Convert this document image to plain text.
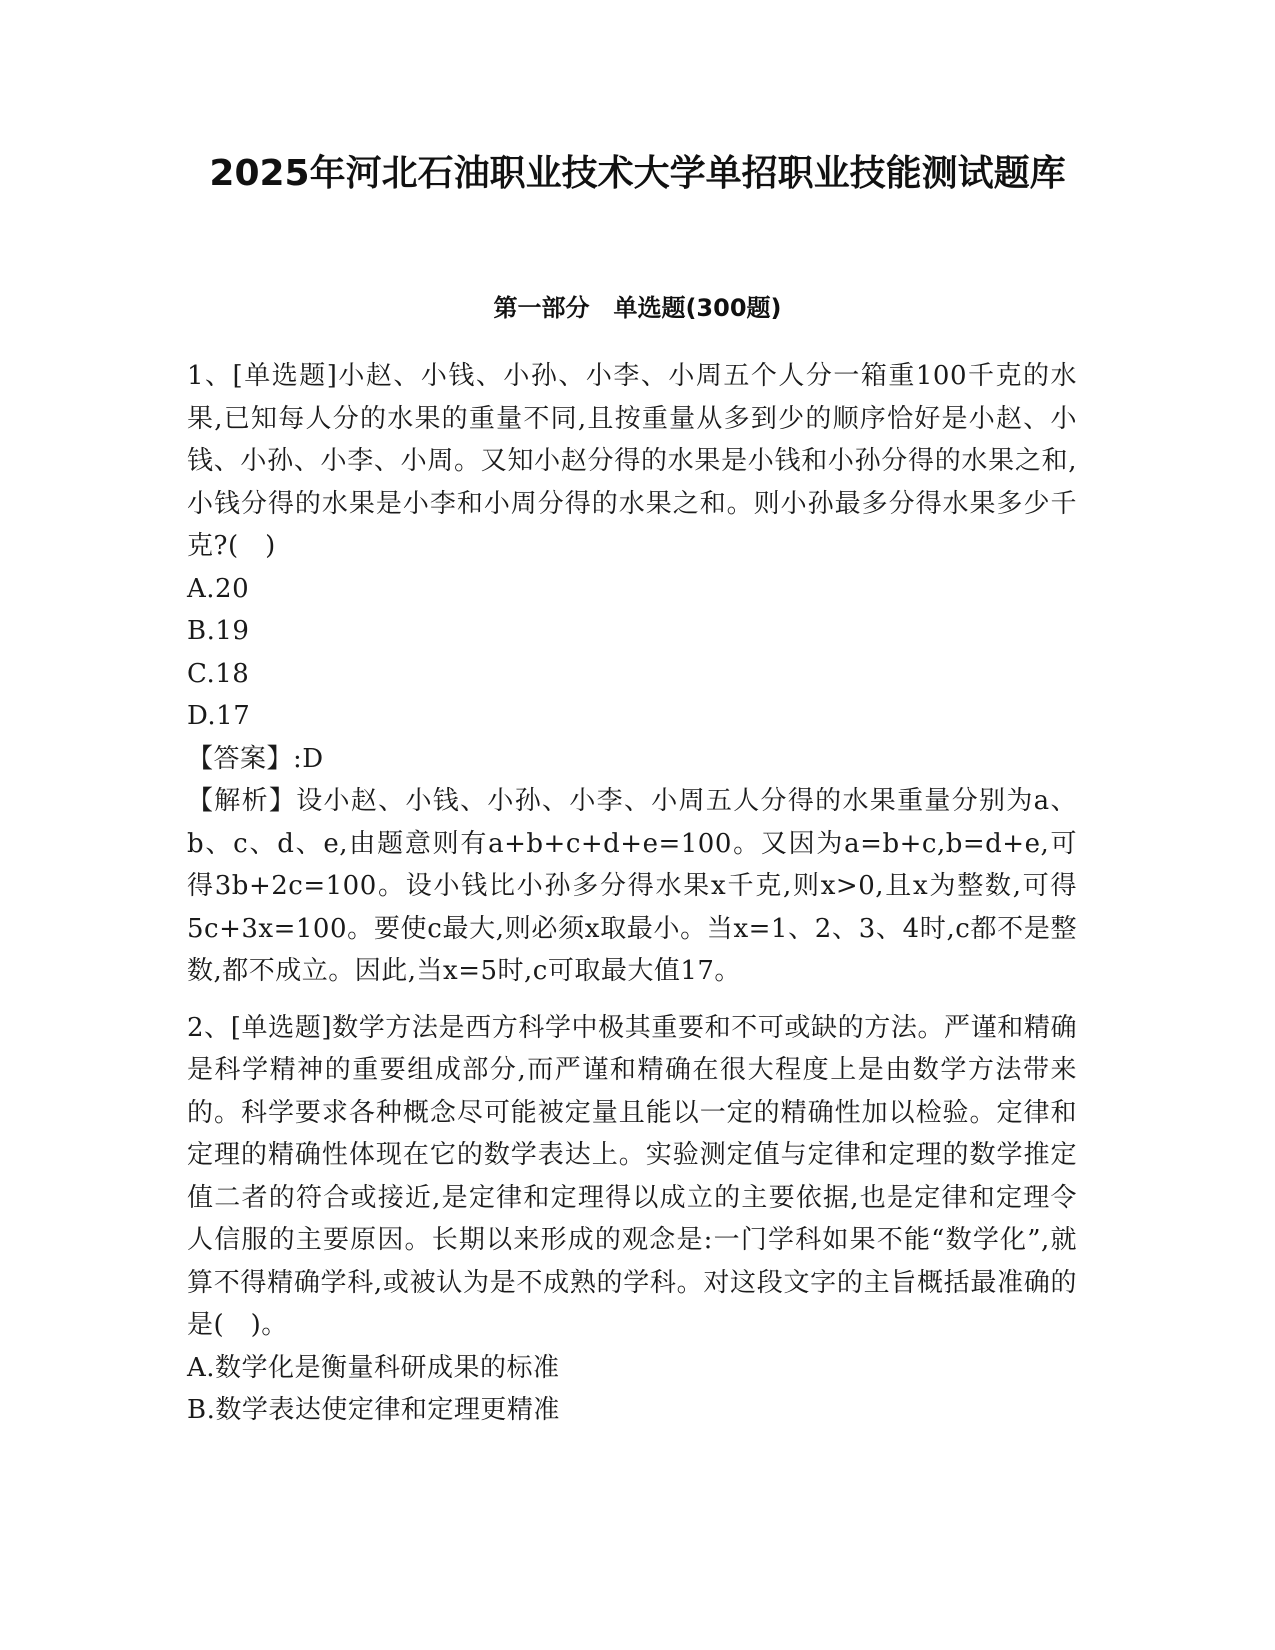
2025年河北石油职业技术大学单招职业技能测试题库
第一部分　单选题(300题)

1、[单选题]小赵、小钱、小孙、小李、小周五个人分一箱重100千克的水果,已知每人分的水果的重量不同,且按重量从多到少的顺序恰好是小赵、小钱、小孙、小李、小周。又知小赵分得的水果是小钱和小孙分得的水果之和,小钱分得的水果是小李和小周分得的水果之和。则小孙最多分得水果多少千克?(　)

A.20

B.19

C.18

D.17

【答案】:D

【解析】设小赵、小钱、小孙、小李、小周五人分得的水果重量分别为a、b、c、d、e,由题意则有a+b+c+d+e=100。又因为a=b+c,b=d+e,可得3b+2c=100。设小钱比小孙多分得水果x千克,则x>0,且x为整数,可得5c+3x=100。要使c最大,则必须x取最小。当x=1、2、3、4时,c都不是整数,都不成立。因此,当x=5时,c可取最大值17。

2、[单选题]数学方法是西方科学中极其重要和不可或缺的方法。严谨和精确是科学精神的重要组成部分,而严谨和精确在很大程度上是由数学方法带来的。科学要求各种概念尽可能被定量且能以一定的精确性加以检验。定律和定理的精确性体现在它的数学表达上。实验测定值与定律和定理的数学推定值二者的符合或接近,是定律和定理得以成立的主要依据,也是定律和定理令人信服的主要原因。长期以来形成的观念是:一门学科如果不能“数学化”,就算不得精确学科,或被认为是不成熟的学科。对这段文字的主旨概括最准确的是(　)。

A.数学化是衡量科研成果的标准

B.数学表达使定律和定理更精准
